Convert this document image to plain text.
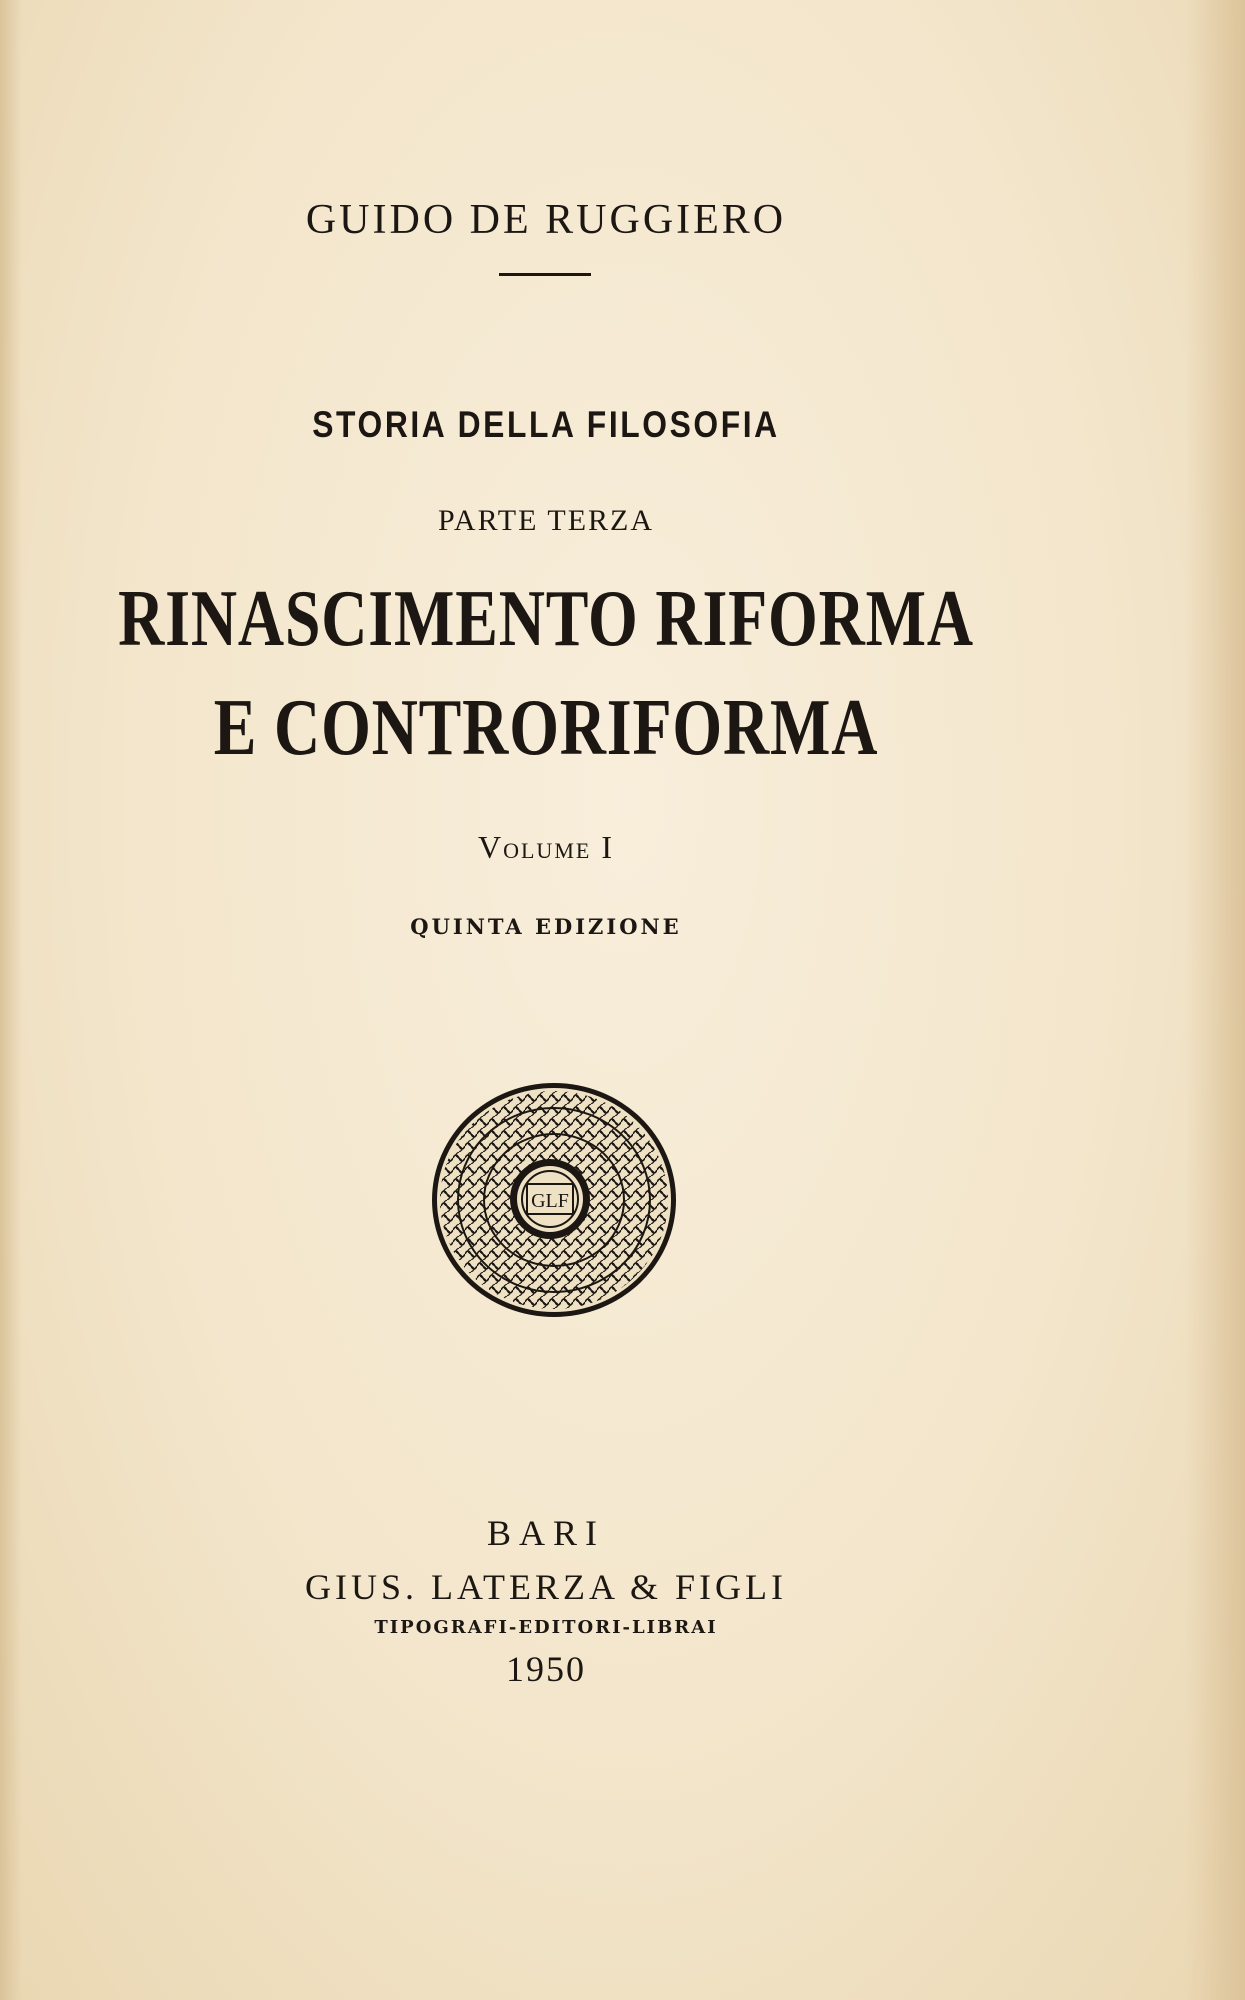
GUIDO DE RUGGIERO
STORIA DELLA FILOSOFIA
PARTE TERZA
RINASCIMENTO RIFORMA
E CONTRORIFORMA
Volume I
QUINTA EDIZIONE
GLF
BARI
GIUS. LATERZA & FIGLI
TIPOGRAFI-EDITORI-LIBRAI
1950
